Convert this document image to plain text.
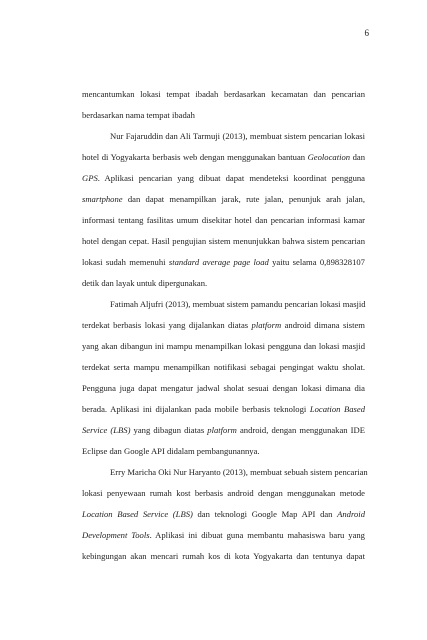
6

mencantumkan lokasi tempat ibadah berdasarkan kecamatan dan pencarian
berdasarkan nama tempat ibadah

Nur Fajaruddin dan Ali Tarmuji (2013), membuat sistem pencarian lokasi
hotel di Yogyakarta berbasis web dengan menggunakan bantuan Geolocation dan
GPS. Aplikasi pencarian yang dibuat dapat mendeteksi koordinat pengguna
smartphone dan dapat menampilkan jarak, rute jalan, penunjuk arah jalan,
informasi tentang fasilitas umum disekitar hotel dan pencarian informasi kamar
hotel dengan cepat. Hasil pengujian sistem menunjukkan bahwa sistem pencarian
lokasi sudah memenuhi standard average page load yaitu selama 0,898328107
detik dan layak untuk dipergunakan.

Fatimah Aljufri (2013), membuat sistem pamandu pencarian lokasi masjid
terdekat berbasis lokasi yang dijalankan diatas platform android dimana sistem
yang akan dibangun ini mampu menampilkan lokasi pengguna dan lokasi masjid
terdekat serta mampu menampilkan notifikasi sebagai pengingat waktu sholat.
Pengguna juga dapat mengatur jadwal sholat sesuai dengan lokasi dimana dia
berada. Aplikasi ini dijalankan pada mobile berbasis teknologi Location Based
Service (LBS) yang dibagun diatas platform android, dengan menggunakan IDE
Eclipse dan Google API didalam pembangunannya.

Erry Maricha Oki Nur Haryanto (2013), membuat sebuah sistem pencarian
lokasi penyewaan rumah kost berbasis android dengan menggunakan metode
Location Based Service (LBS) dan teknologi Google Map API dan Android
Development Tools. Aplikasi ini dibuat guna membantu mahasiswa baru yang
kebingungan akan mencari rumah kos di kota Yogyakarta dan tentunya dapat
